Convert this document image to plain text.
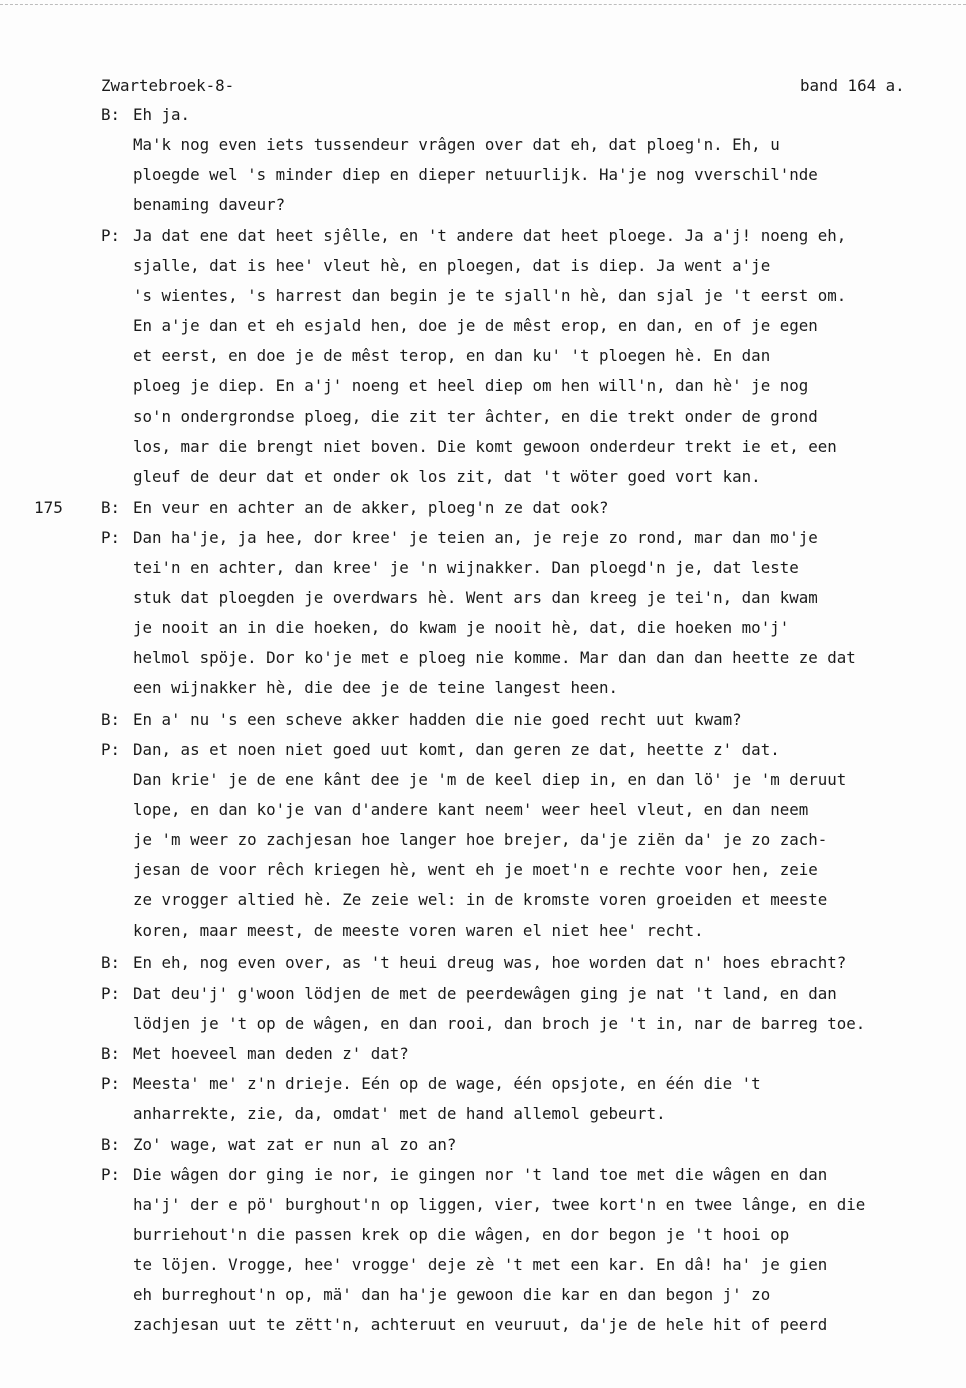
Zwartebroek-8-	band 164 a.
175
B: Eh ja.
Ma'k nog even iets tussendeur vrâgen over dat eh, dat ploeg'n. Eh, u
ploegde wel 's minder diep en dieper netuurlijk. Ha'je nog vverschil'nde
benaming daveur?
P: Ja dat ene dat heet sjêlle, en 't andere dat heet ploege. Ja a'j! noeng eh,
sjalle, dat is hee' vleut hè, en ploegen, dat is diep. Ja went a'je
's wientes, 's harrest dan begin je te sjall'n hè, dan sjal je 't eerst om.
En a'je dan et eh esjald hen, doe je de mêst erop, en dan, en of je egen
et eerst, en doe je de mêst terop, en dan ku' 't ploegen hè. En dan
ploeg je diep. En a'j' noeng et heel diep om hen will'n, dan hè' je nog
so'n ondergrondse ploeg, die zit ter âchter, en die trekt onder de grond
los, mar die brengt niet boven. Die komt gewoon onderdeur trekt ie et, een
gleuf de deur dat et onder ok los zit, dat 't wöter goed vort kan.
B: En veur en achter an de akker, ploeg'n ze dat ook?
P: Dan ha'je, ja hee, dor kree' je teien an, je reje zo rond, mar dan mo'je
tei'n en achter, dan kree' je 'n wijnakker. Dan ploegd'n je, dat leste
stuk dat ploegden je overdwars hè. Went ars dan kreeg je tei'n, dan kwam
je nooit an in die hoeken, do kwam je nooit hè, dat, die hoeken mo'j'
helmol spöje. Dor ko'je met e ploeg nie komme. Mar dan dan dan heette ze dat
een wijnakker hè, die dee je de teine langest heen.
B: En a' nu 's een scheve akker hadden die nie goed recht uut kwam?
P: Dan, as et noen niet goed uut komt, dan geren ze dat, heette z' dat.
Dan krie' je de ene kânt dee je 'm de keel diep in, en dan lö' je 'm deruut
lope, en dan ko'je van d'andere kant neem' weer heel vleut, en dan neem
je 'm weer zo zachjesan hoe langer hoe brejer, da'je ziën da' je zo zach-
jesan de voor rêch kriegen hè, went eh je moet'n e rechte voor hen, zeie
ze vrogger altied hè. Ze zeie wel: in de kromste voren groeiden et meeste
koren, maar meest, de meeste voren waren el niet hee' recht.
B: En eh, nog even over, as 't heui dreug was, hoe worden dat n' hoes ebracht?
P: Dat deu'j' g'woon lödjen de met de peerdewâgen ging je nat 't land, en dan
lödjen je 't op de wâgen, en dan rooi, dan broch je 't in, nar de barreg toe.
B: Met hoeveel man deden z' dat?
P: Meesta' me' z'n drieje. Eén op de wage, één opsjote, en één die 't
anharrekte, zie, da, omdat' met de hand allemol gebeurt.
B: Zo' wage, wat zat er nun al zo an?
P: Die wâgen dor ging ie nor, ie gingen nor 't land toe met die wâgen en dan
ha'j' der e pö' burghout'n op liggen, vier, twee kort'n en twee lânge, en die
burriehout'n die passen krek op die wâgen, en dor begon je 't hooi op
te löjen. Vrogge, hee' vrogge' deje zè 't met een kar. En dâ! ha' je gien
eh burreghout'n op, mä' dan ha'je gewoon die kar en dan begon j' zo
zachjesan uut te zëtt'n, achteruut en veuruut, da'je de hele hit of peerd
